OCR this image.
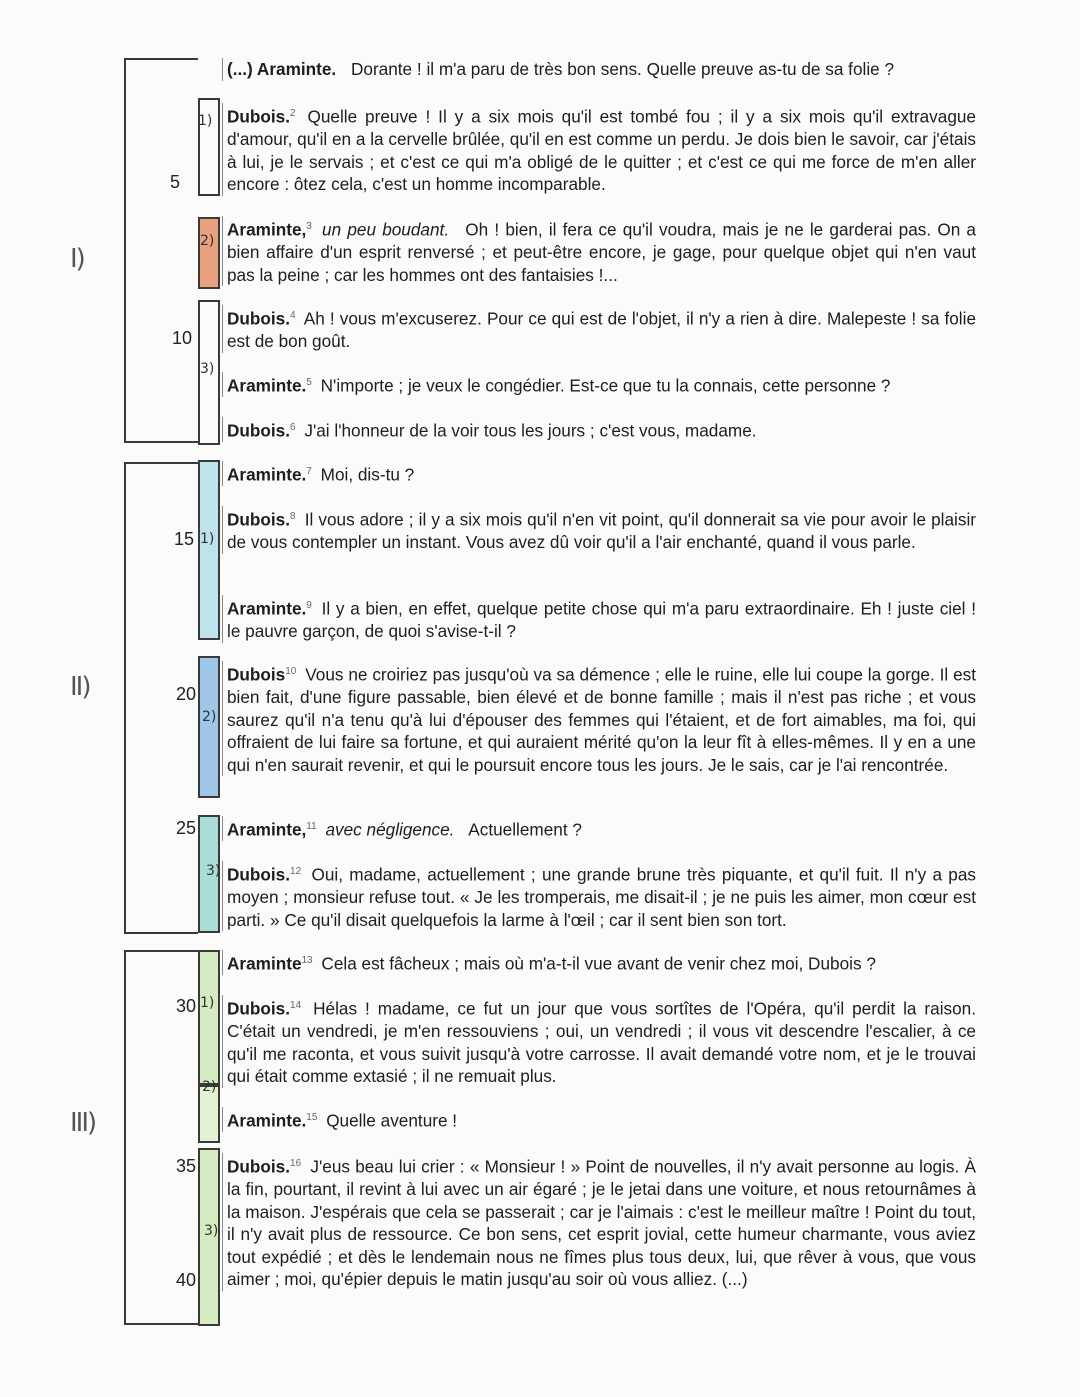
I)
II)
III)
1)
2)
3)
1)
2)
3)
1)
2)
3)
5
10
15
20
25
30
35
40
(...) Araminte. Dorante ! il m'a paru de très bon sens. Quelle preuve as-tu de sa folie ?
Dubois.$^2$ Quelle preuve ! Il y a six mois qu'il est tombé fou ; il y a six mois qu'il extravague d'amour, qu'il en a la cervelle brûlée, qu'il en est comme un perdu. Je dois bien le savoir, car j'étais à lui, je le servais ; et c'est ce qui m'a obligé de le quitter ; et c'est ce qui me force de m'en aller encore : ôtez cela, c'est un homme incomparable.
Araminte,$^3$ un peu boudant. Oh ! bien, il fera ce qu'il voudra, mais je ne le garderai pas. On a bien affaire d'un esprit renversé ; et peut-être encore, je gage, pour quelque objet qui n'en vaut pas la peine ; car les hommes ont des fantaisies !...
Dubois.$^4$ Ah ! vous m'excuserez. Pour ce qui est de l'objet, il n'y a rien à dire. Malepeste ! sa folie est de bon goût.
Araminte.$^5$ N'importe ; je veux le congédier. Est-ce que tu la connais, cette personne ?
Dubois.$^6$ J'ai l'honneur de la voir tous les jours ; c'est vous, madame.
Araminte.$^7$ Moi, dis-tu ?
Dubois.$^8$ Il vous adore ; il y a six mois qu'il n'en vit point, qu'il donnerait sa vie pour avoir le plaisir de vous contempler un instant. Vous avez dû voir qu'il a l'air enchanté, quand il vous parle.
Araminte.$^9$ Il y a bien, en effet, quelque petite chose qui m'a paru extraordinaire. Eh ! juste ciel ! le pauvre garçon, de quoi s'avise-t-il ?
Dubois$^{10}$ Vous ne croiriez pas jusqu'où va sa démence ; elle le ruine, elle lui coupe la gorge. Il est bien fait, d'une figure passable, bien élevé et de bonne famille ; mais il n'est pas riche ; et vous saurez qu'il n'a tenu qu'à lui d'épouser des femmes qui l'étaient, et de fort aimables, ma foi, qui offraient de lui faire sa fortune, et qui auraient mérité qu'on la leur fît à elles-mêmes. Il y en a une qui n'en saurait revenir, et qui le poursuit encore tous les jours. Je le sais, car je l'ai rencontrée.
Araminte,$^{11}$ avec négligence. Actuellement ?
Dubois.$^{12}$ Oui, madame, actuellement ; une grande brune très piquante, et qu'il fuit. Il n'y a pas moyen ; monsieur refuse tout. « Je les tromperais, me disait-il ; je ne puis les aimer, mon cœur est parti. » Ce qu'il disait quelquefois la larme à l'œil ; car il sent bien son tort.
Araminte$^{13}$ Cela est fâcheux ; mais où m'a-t-il vue avant de venir chez moi, Dubois ?
Dubois.$^{14}$ Hélas ! madame, ce fut un jour que vous sortîtes de l'Opéra, qu'il perdit la raison. C'était un vendredi, je m'en ressouviens ; oui, un vendredi ; il vous vit descendre l'escalier, à ce qu'il me raconta, et vous suivit jusqu'à votre carrosse. Il avait demandé votre nom, et je le trouvai qui était comme extasié ; il ne remuait plus.
Araminte.$^{15}$ Quelle aventure !
Dubois.$^{16}$ J'eus beau lui crier : « Monsieur ! » Point de nouvelles, il n'y avait personne au logis. À la fin, pourtant, il revint à lui avec un air égaré ; je le jetai dans une voiture, et nous retournâmes à la maison. J'espérais que cela se passerait ; car je l'aimais : c'est le meilleur maître ! Point du tout, il n'y avait plus de ressource. Ce bon sens, cet esprit jovial, cette humeur charmante, vous aviez tout expédié ; et dès le lendemain nous ne fîmes plus tous deux, lui, que rêver à vous, que vous aimer ; moi, qu'épier depuis le matin jusqu'au soir où vous alliez. (...)
